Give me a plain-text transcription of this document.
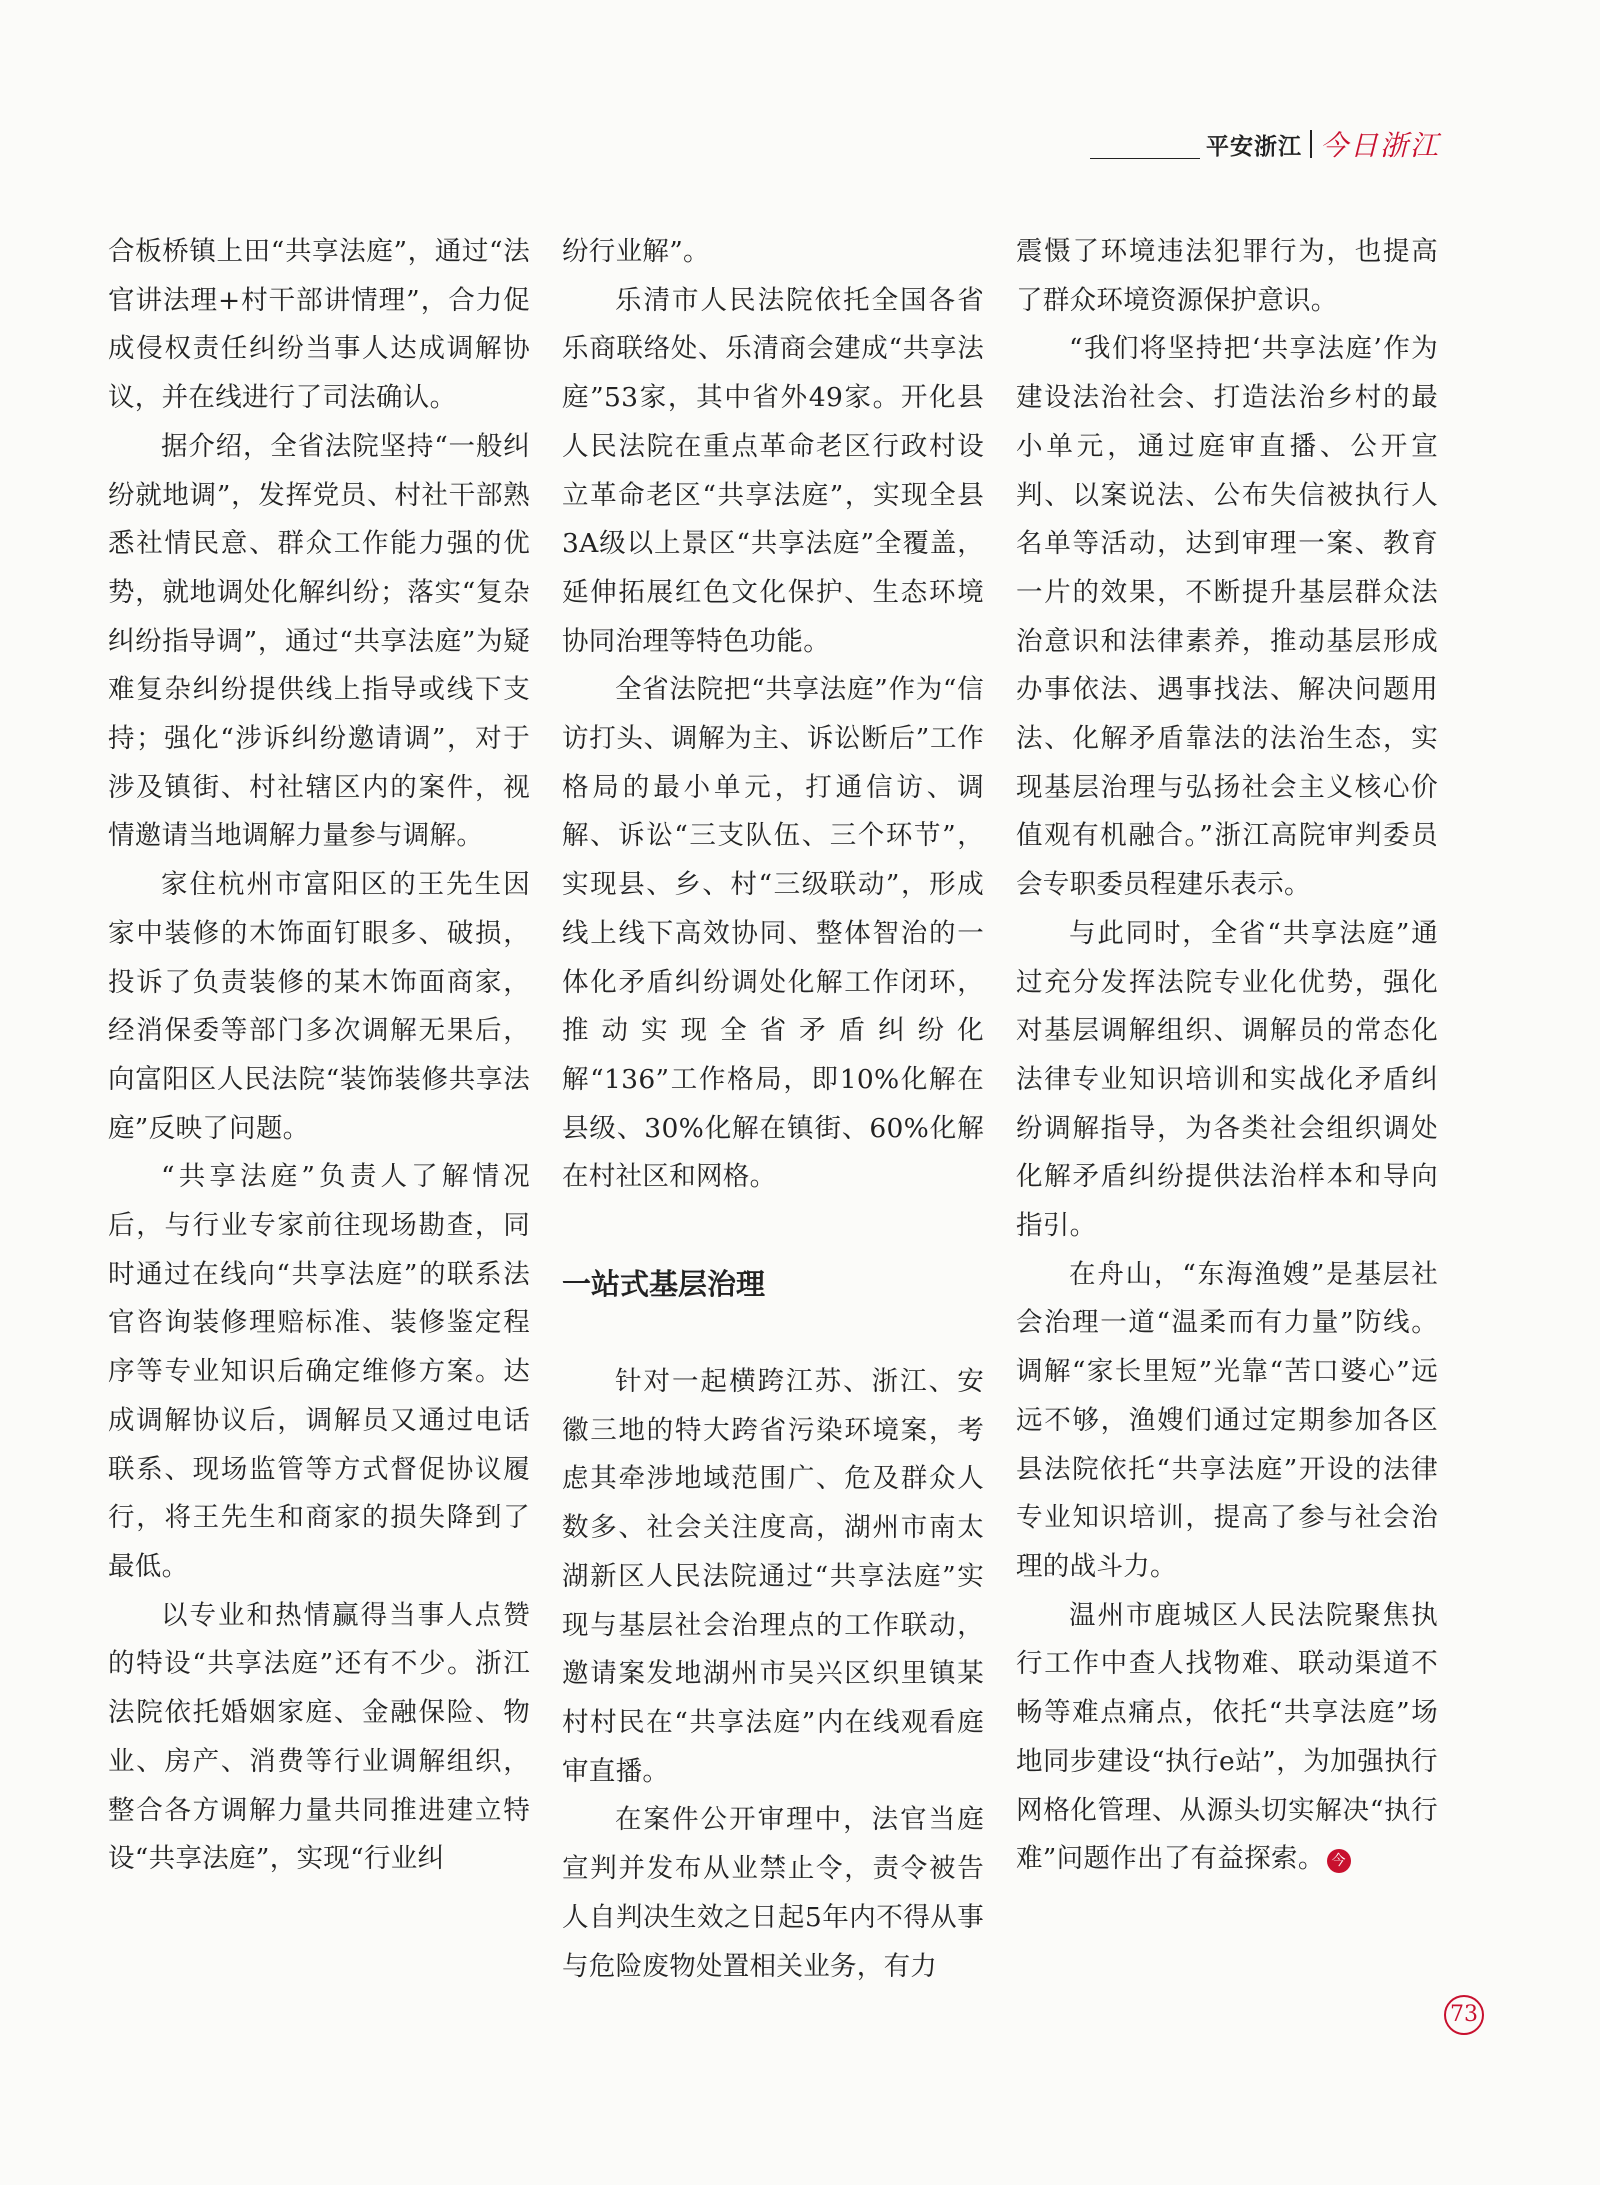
平安浙江 今日浙江

合板桥镇上田“共享法庭”，通过“法官讲法理+村干部讲情理”，合力促成侵权责任纠纷当事人达成调解协议，并在线进行了司法确认。

据介绍，全省法院坚持“一般纠纷就地调”，发挥党员、村社干部熟悉社情民意、群众工作能力强的优势，就地调处化解纠纷；落实“复杂纠纷指导调”，通过“共享法庭”为疑难复杂纠纷提供线上指导或线下支持；强化“涉诉纠纷邀请调”，对于涉及镇街、村社辖区内的案件，视情邀请当地调解力量参与调解。

家住杭州市富阳区的王先生因家中装修的木饰面钉眼多、破损，投诉了负责装修的某木饰面商家，经消保委等部门多次调解无果后，向富阳区人民法院“装饰装修共享法庭”反映了问题。

“共享法庭”负责人了解情况后，与行业专家前往现场勘查，同时通过在线向“共享法庭”的联系法官咨询装修理赔标准、装修鉴定程序等专业知识后确定维修方案。达成调解协议后，调解员又通过电话联系、现场监管等方式督促协议履行，将王先生和商家的损失降到了最低。

以专业和热情赢得当事人点赞的特设“共享法庭”还有不少。浙江法院依托婚姻家庭、金融保险、物业、房产、消费等行业调解组织，整合各方调解力量共同推进建立特设“共享法庭”，实现“行业纠

纷行业解”。

乐清市人民法院依托全国各省乐商联络处、乐清商会建成“共享法庭”53家，其中省外49家。开化县人民法院在重点革命老区行政村设立革命老区“共享法庭”，实现全县3A级以上景区“共享法庭”全覆盖，延伸拓展红色文化保护、生态环境协同治理等特色功能。

全省法院把“共享法庭”作为“信访打头、调解为主、诉讼断后”工作格局的最小单元，打通信访、调解、诉讼“三支队伍、三个环节”，实现县、乡、村“三级联动”，形成线上线下高效协同、整体智治的一体化矛盾纠纷调处化解工作闭环，推动实现全省矛盾纠纷化解“136”工作格局，即10%化解在县级、30%化解在镇街、60%化解在村社区和网格。

一站式基层治理

针对一起横跨江苏、浙江、安徽三地的特大跨省污染环境案，考虑其牵涉地域范围广、危及群众人数多、社会关注度高，湖州市南太湖新区人民法院通过“共享法庭”实现与基层社会治理点的工作联动，邀请案发地湖州市吴兴区织里镇某村村民在“共享法庭”内在线观看庭审直播。

在案件公开审理中，法官当庭宣判并发布从业禁止令，责令被告人自判决生效之日起5年内不得从事与危险废物处置相关业务，有力

震慑了环境违法犯罪行为，也提高了群众环境资源保护意识。

“我们将坚持把‘共享法庭’作为建设法治社会、打造法治乡村的最小单元，通过庭审直播、公开宣判、以案说法、公布失信被执行人名单等活动，达到审理一案、教育一片的效果，不断提升基层群众法治意识和法律素养，推动基层形成办事依法、遇事找法、解决问题用法、化解矛盾靠法的法治生态，实现基层治理与弘扬社会主义核心价值观有机融合。”浙江高院审判委员会专职委员程建乐表示。

与此同时，全省“共享法庭”通过充分发挥法院专业化优势，强化对基层调解组织、调解员的常态化法律专业知识培训和实战化矛盾纠纷调解指导，为各类社会组织调处化解矛盾纠纷提供法治样本和导向指引。

在舟山，“东海渔嫂”是基层社会治理一道“温柔而有力量”防线。调解“家长里短”光靠“苦口婆心”远远不够，渔嫂们通过定期参加各区县法院依托“共享法庭”开设的法律专业知识培训，提高了参与社会治理的战斗力。

温州市鹿城区人民法院聚焦执行工作中查人找物难、联动渠道不畅等难点痛点，依托“共享法庭”场地同步建设“执行e站”，为加强执行网格化管理、从源头切实解决“执行难”问题作出了有益探索。 今

73
